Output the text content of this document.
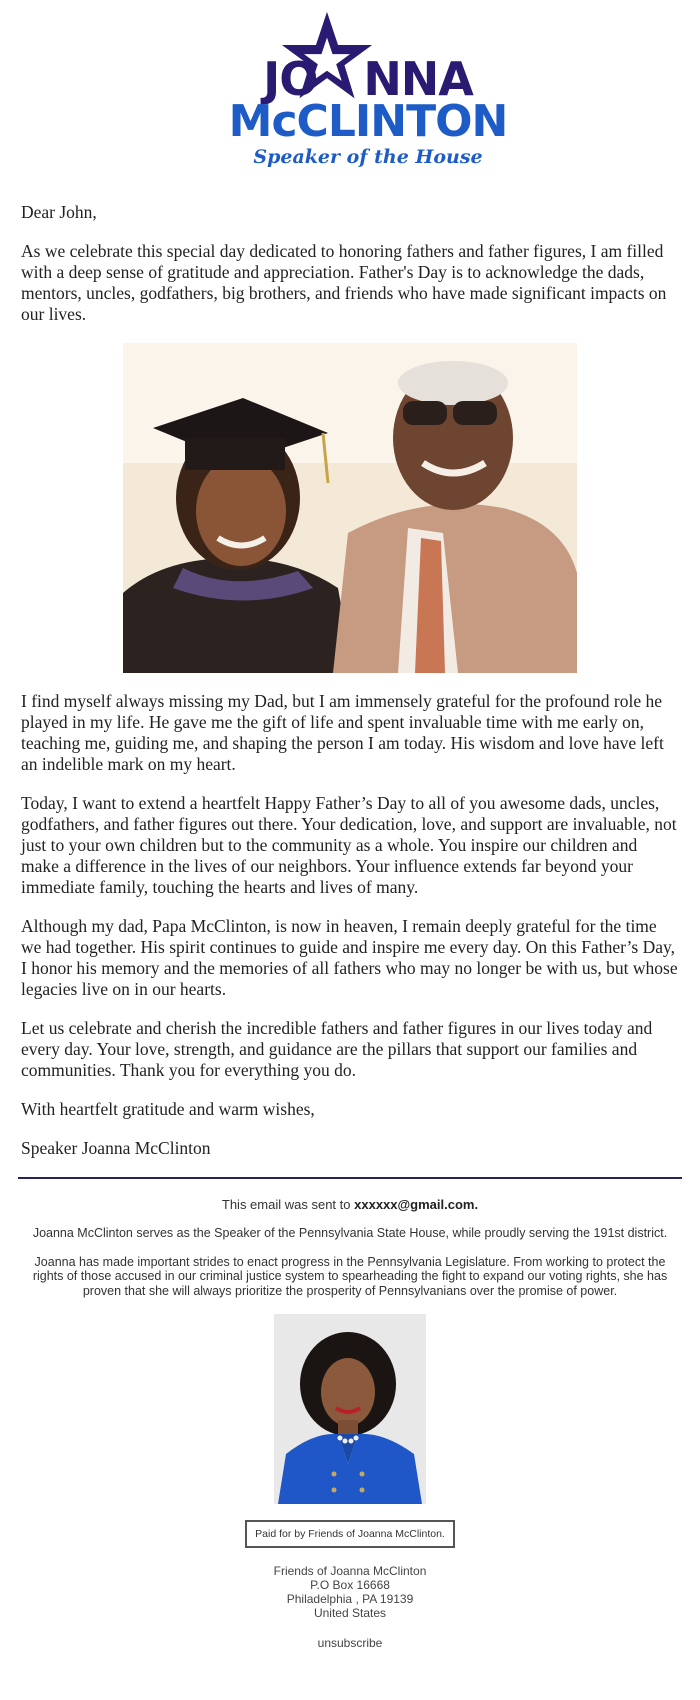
JO NNA
McCLINTON
Speaker of the House

Dear John,

As we celebrate this special day dedicated to honoring fathers and father figures, I am filled with a deep sense of gratitude and appreciation. Father's Day is to acknowledge the dads, mentors, uncles, godfathers, big brothers, and friends who have made significant impacts on our lives.

I find myself always missing my Dad, but I am immensely grateful for the profound role he played in my life. He gave me the gift of life and spent invaluable time with me early on, teaching me, guiding me, and shaping the person I am today. His wisdom and love have left an indelible mark on my heart.

Today, I want to extend a heartfelt Happy Father’s Day to all of you awesome dads, uncles, godfathers, and father figures out there. Your dedication, love, and support are invaluable, not just to your own children but to the community as a whole. You inspire our children and make a difference in the lives of our neighbors. Your influence extends far beyond your immediate family, touching the hearts and lives of many.

Although my dad, Papa McClinton, is now in heaven, I remain deeply grateful for the time we had together. His spirit continues to guide and inspire me every day. On this Father’s Day, I honor his memory and the memories of all fathers who may no longer be with us, but whose legacies live on in our hearts.

Let us celebrate and cherish the incredible fathers and father figures in our lives today and every day. Your love, strength, and guidance are the pillars that support our families and communities. Thank you for everything you do.

With heartfelt gratitude and warm wishes,

Speaker Joanna McClinton

This email was sent to xxxxxx@gmail.com.

Joanna McClinton serves as the Speaker of the Pennsylvania State House, while proudly serving the 191st district.

Joanna has made important strides to enact progress in the Pennsylvania Legislature. From working to protect the rights of those accused in our criminal justice system to spearheading the fight to expand our voting rights, she has proven that she will always prioritize the prosperity of Pennsylvanians over the promise of power.

Paid for by Friends of Joanna McClinton.
Friends of Joanna McClinton
P.O Box 16668
Philadelphia , PA 19139
United States
unsubscribe
